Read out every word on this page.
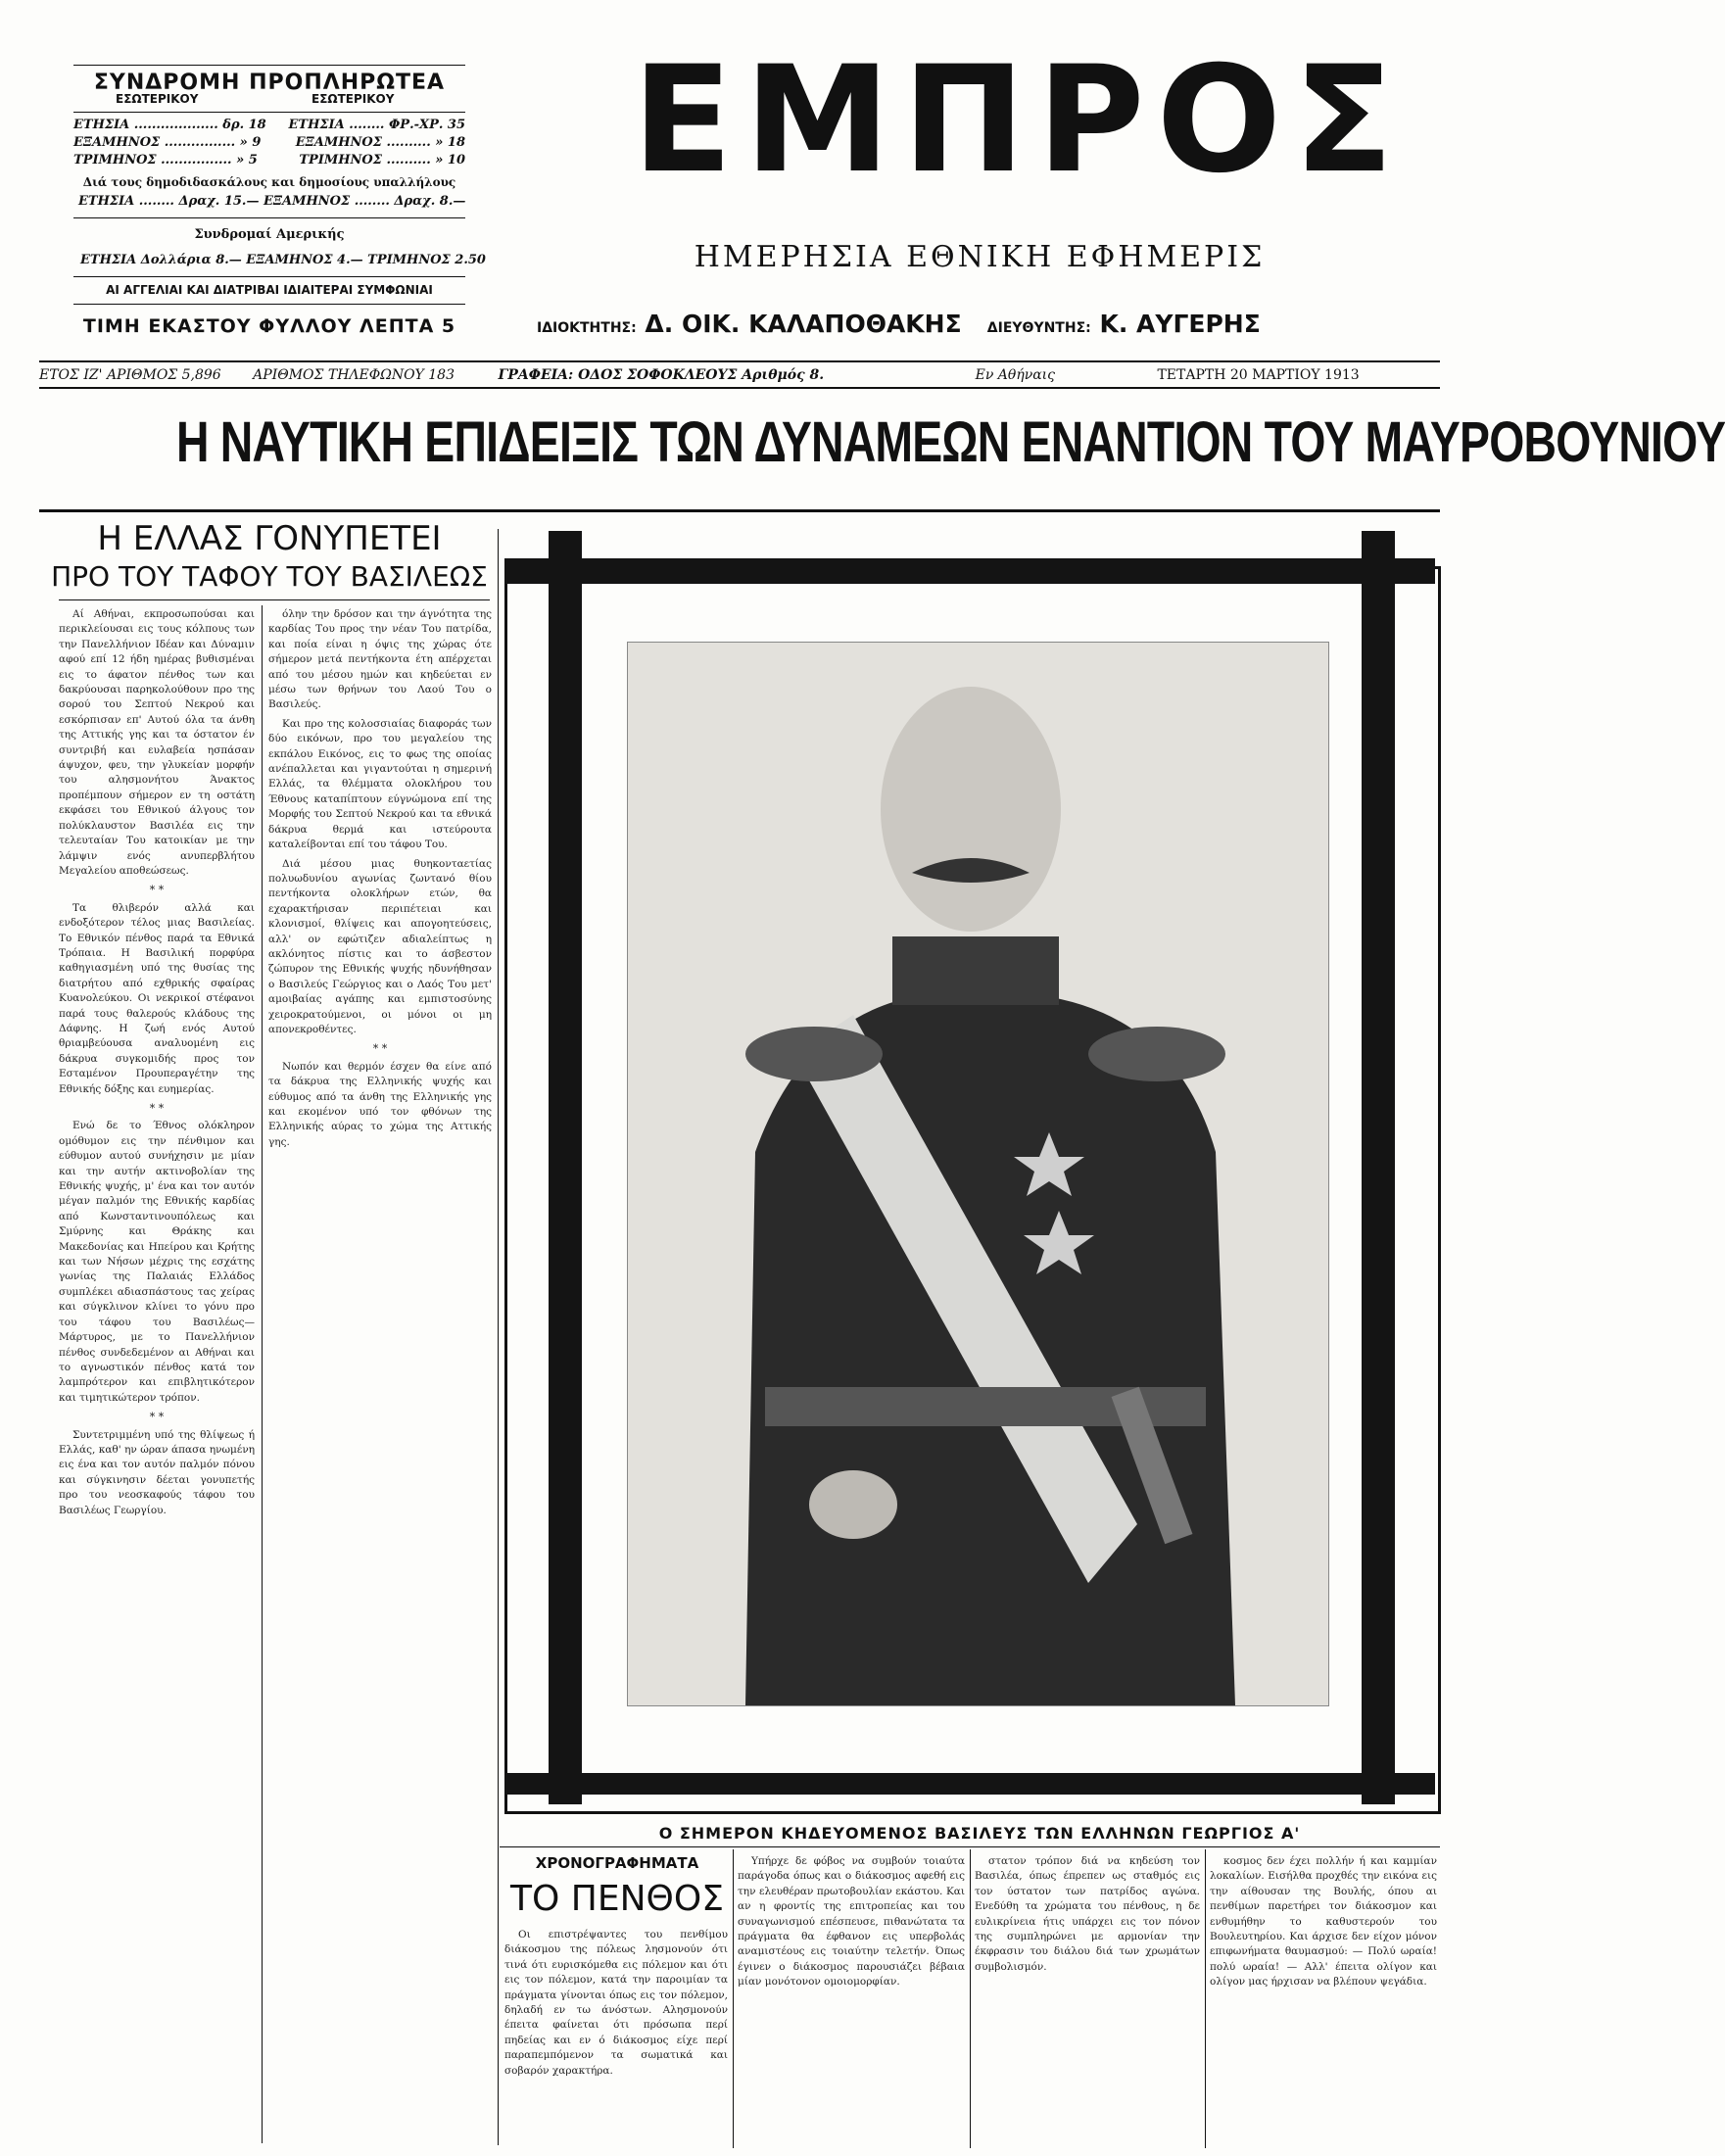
ΣΥΝΔΡΟΜΗ ΠΡΟΠΛΗΡΩΤΕΑ
ΕΣΩΤΕΡΙΚΟΥ	ΕΣΩΤΕΡΙΚΟΥ
ΕΤΗΣΙΑ ................... δρ. 18 ΕΤΗΣΙΑ ........ ΦΡ.-ΧΡ. 35
ΕΞΑΜΗΝΟΣ ................ » 9	ΕΞΑΜΗΝΟΣ .......... » 18
ΤΡΙΜΗΝΟΣ ................ » 5	ΤΡΙΜΗΝΟΣ .......... » 10
Διά τους δημοδιδασκάλους και δημοσίους υπαλλήλους
ΕΤΗΣΙΑ ........ Δραχ. 15.— ΕΞΑΜΗΝΟΣ ........ Δραχ. 8.—
Συνδρομαί Αμερικής
ΕΤΗΣΙΑ Δολλάρια 8.— ΕΞΑΜΗΝΟΣ 4.— ΤΡΙΜΗΝΟΣ 2.50
ΑΙ ΑΓΓΕΛΙΑΙ ΚΑΙ ΔΙΑΤΡΙΒΑΙ ΙΔΙΑΙΤΕΡΑΙ ΣΥΜΦΩΝΙΑΙ
ΤΙΜΗ ΕΚΑΣΤΟΥ ΦΥΛΛΟΥ ΛΕΠΤΑ 5
ΕΜΠΡΟΣ
ΗΜΕΡΗΣΙΑ ΕΘΝΙΚΗ ΕΦΗΜΕΡΙΣ
ΙΔΙΟΚΤΗΤΗΣ: Δ. ΟΙΚ. ΚΑΛΑΠΟΘΑΚΗΣ ΔΙΕΥΘΥΝΤΗΣ: Κ. ΑΥΓΕΡΗΣ
ΕΤΟΣ ΙΖ' ΑΡΙΘΜΟΣ 5,896 ΑΡΙΘΜΟΣ ΤΗΛΕΦΩΝΟΥ 183	ΓΡΑΦΕΙΑ: ΟΔΟΣ ΣΟΦΟΚΛΕΟΥΣ Αριθμός 8.	Εν Αθήναις	ΤΕΤΑΡΤΗ 20 ΜΑΡΤΙΟΥ 1913
Η ΝΑΥΤΙΚΗ ΕΠΙΔΕΙΞΙΣ ΤΩΝ ΔΥΝΑΜΕΩΝ ΕΝΑΝΤΙΟΝ ΤΟΥ ΜΑΥΡΟΒΟΥΝΙΟΥ
Η ΕΛΛΑΣ ΓΟΝΥΠΕΤΕΙ
ΠΡΟ ΤΟΥ ΤΑΦΟΥ ΤΟΥ ΒΑΣΙΛΕΩΣ

Αί Αθήναι, εκπροσωπούσαι και περικλείουσαι εις τους κόλπους των την Πανελλήνιον Ιδέαν και Δύναμιν αφού επί 12 ήδη ημέρας βυθισμέναι εις το άφατον πένθος των και δακρύουσαι παρηκολούθουν προ της σορού του Σεπτού Νεκρού και εσκόρπισαν επ' Αυτού όλα τα άνθη της Αττικής γης και τα όστατον έν συντριβή και ευλαβεία ησπάσαν άψυχον, φευ, την γλυκείαν μορφήν του αλησμονήτου Άνακτος προπέμπουν σήμερον εν τη οστάτη εκφάσει του Εθνικού άλγους τον πολύκλαυστον Βασιλέα εις την τελευταίαν Του κατοικίαν με την λάμψιν ενός ανυπερβλήτου Μεγαλείου αποθεώσεως.

* *

Τα θλιβερόν αλλά και ενδοξότερον τέλος μιας Βασιλείας. Το Εθνικόν πένθος παρά τα Εθνικά Τρόπαια. Η Βασιλική πορφύρα καθηγιασμένη υπό της θυσίας της διατρήτου από εχθρικής σφαίρας Κυανολεύκου. Οι νεκρικοί στέφανοι παρά τους θαλερούς κλάδους της Δάφνης. Η ζωή ενός Αυτού θριαμβεύουσα αναλυομένη εις δάκρυα συγκομιδής προς τον Εσταμένον Προυπεραγέτην της Εθνικής δόξης και ευημερίας.

* *

Ενώ δε το Έθνος ολόκληρον ομόθυμον εις την πένθιμον και εύθυμον αυτού συνήχησιν με μίαν και την αυτήν ακτινοβολίαν της Εθνικής ψυχής, μ' ένα και τον αυτόν μέγαν παλμόν της Εθνικής καρδίας από Κωνσταντινουπόλεως και Σμύρνης και Θράκης και Μακεδονίας και Ηπείρου και Κρήτης και των Νήσων μέχρις της εσχάτης γωνίας της Παλαιάς Ελλάδος συμπλέκει αδιασπάστους τας χείρας και σύγκλινον κλίνει το γόνυ προ του τάφου του Βασιλέως—Μάρτυρος, με το Πανελλήνιον πένθος συνδεδεμένον αι Αθήναι και το αγνωστικόν πένθος κατά τον λαμπρότερον και επιβλητικότερον και τιμητικώτερον τρόπον.

* *

Συντετριμμένη υπό της θλίψεως ή Ελλάς, καθ' ην ώραν άπασα ηνωμένη εις ένα και τον αυτόν παλμόν πόνου και σύγκινησιν δέεται γονυπετής προ του νεοσκαφούς τάφου του Βασιλέως Γεωργίου.

όλην την δρόσον και την άγνότητα της καρδίας Του προς την νέαν Του πατρίδα, και ποία είναι η όψις της χώρας ότε σήμερον μετά πεντήκοντα έτη απέρχεται από του μέσου ημών και κηδεύεται εν μέσω των θρήνων του Λαού Του ο Βασιλεύς.

Και προ της κολοσσιαίας διαφοράς των δύο εικόνων, προ του μεγαλείου της εκπάλου Εικόνος, εις το φως της οποίας ανέπαλλεται και γιγαντούται η σημερινή Ελλάς, τα θλέμματα ολοκλήρου του Έθνους καταπίπτουν εύγνώμονα επί της Μορφής του Σεπτού Νεκρού και τα εθνικά δάκρυα θερμά και ιστεύρουτα καταλείβονται επί του τάφου Του.

Διά μέσου μιας θυηκονταετίας πολυωδυνίου αγωνίας ζωντανό θίου πεντήκοντα ολοκλήρων ετών, θα εχαρακτήρισαν περιπέτειαι και κλονισμοί, θλίψεις και απογοητεύσεις, αλλ' ον εφώτιζεν αδιαλείπτως η ακλόνητος πίστις και το άσβεστον ζώπυρον της Εθνικής ψυχής ηδυνήθησαν ο Βασιλεύς Γεώργιος και ο Λαός Του μετ' αμοιβαίας αγάπης και εμπιστοσύνης χειροκρατούμενοι, οι μόνοι οι μη απονεκροθέντες.

* *

Νωπόν και θερμόν έσχεν θα είνε από τα δάκρυα της Ελληνικής ψυχής και εύθυμος από τα άνθη της Ελληνικής γης και εκομένον υπό τον φθόνων της Ελληνικής αύρας το χώμα της Αττικής γης.

Ο ΣΗΜΕΡΟΝ ΚΗΔΕΥΟΜΕΝΟΣ ΒΑΣΙΛΕΥΣ ΤΩΝ ΕΛΛΗΝΩΝ ΓΕΩΡΓΙΟΣ Α'
ΧΡΟΝΟΓΡΑΦΗΜΑΤΑ
ΤΟ ΠΕΝΘΟΣ

Οι επιστρέψαντες του πενθίμου διάκοσμου της πόλεως λησμονούν ότι τινά ότι ευρισκόμεθα εις πόλεμον και ότι εις τον πόλεμον, κατά την παροιμίαν τα πράγματα γίνονται όπως εις τον πόλεμον, δηλαδή εν τω άνόστων. Αλησμονούν έπειτα φαίνεται ότι πρόσωπα περί πηδείας και εν ό διάκοσμος είχε περί παραπεμπόμενον τα σωματικά και σοβαρόν χαρακτήρα.

Υπήρχε δε φόβος να συμβούν τοιαύτα παράγοδα όπως και ο διάκοσμος αφεθή εις την ελευθέραν πρωτοβουλίαν εκάστου. Και αν η φροντίς της επιτροπείας και του συναγωνισμού επέσπευσε, πιθανώτατα τα πράγματα θα έφθανον εις υπερβολάς αναμιστέους εις τοιαύτην τελετήν. Όπως έγινεν ο διάκοσμος παρουσιάζει βέβαια μίαν μονότονον ομοιομορφίαν.

στατον τρόπον διά να κηδεύση τον Βασιλέα, όπως έπρεπεν ως σταθμός εις τον ύστατον των πατρίδος αγώνα. Ενεδύθη τα χρώματα του πένθους, η δε ευλικρίνεια ήτις υπάρχει εις τον πόνον της συμπληρώνει με αρμονίαν την έκφρασιν του διάλου διά των χρωμάτων συμβολισμόν.

κοσμος δεν έχει πολλήν ή και καμμίαν λοκαλίων. Εισήλθα προχθές την εικόνα εις την αίθουσαν της Βουλής, όπου αι πενθίμων παρετήρει τον διάκοσμον και ενθυμήθην το καθυστερούν του Βουλευτηρίου. Και άρχισε δεν είχον μόνον επιφωνήματα θαυμασμού: — Πολύ ωραία! πολύ ωραία! — Αλλ' έπειτα ολίγον και ολίγον μας ήρχισαν να βλέπουν ψεγάδια.
